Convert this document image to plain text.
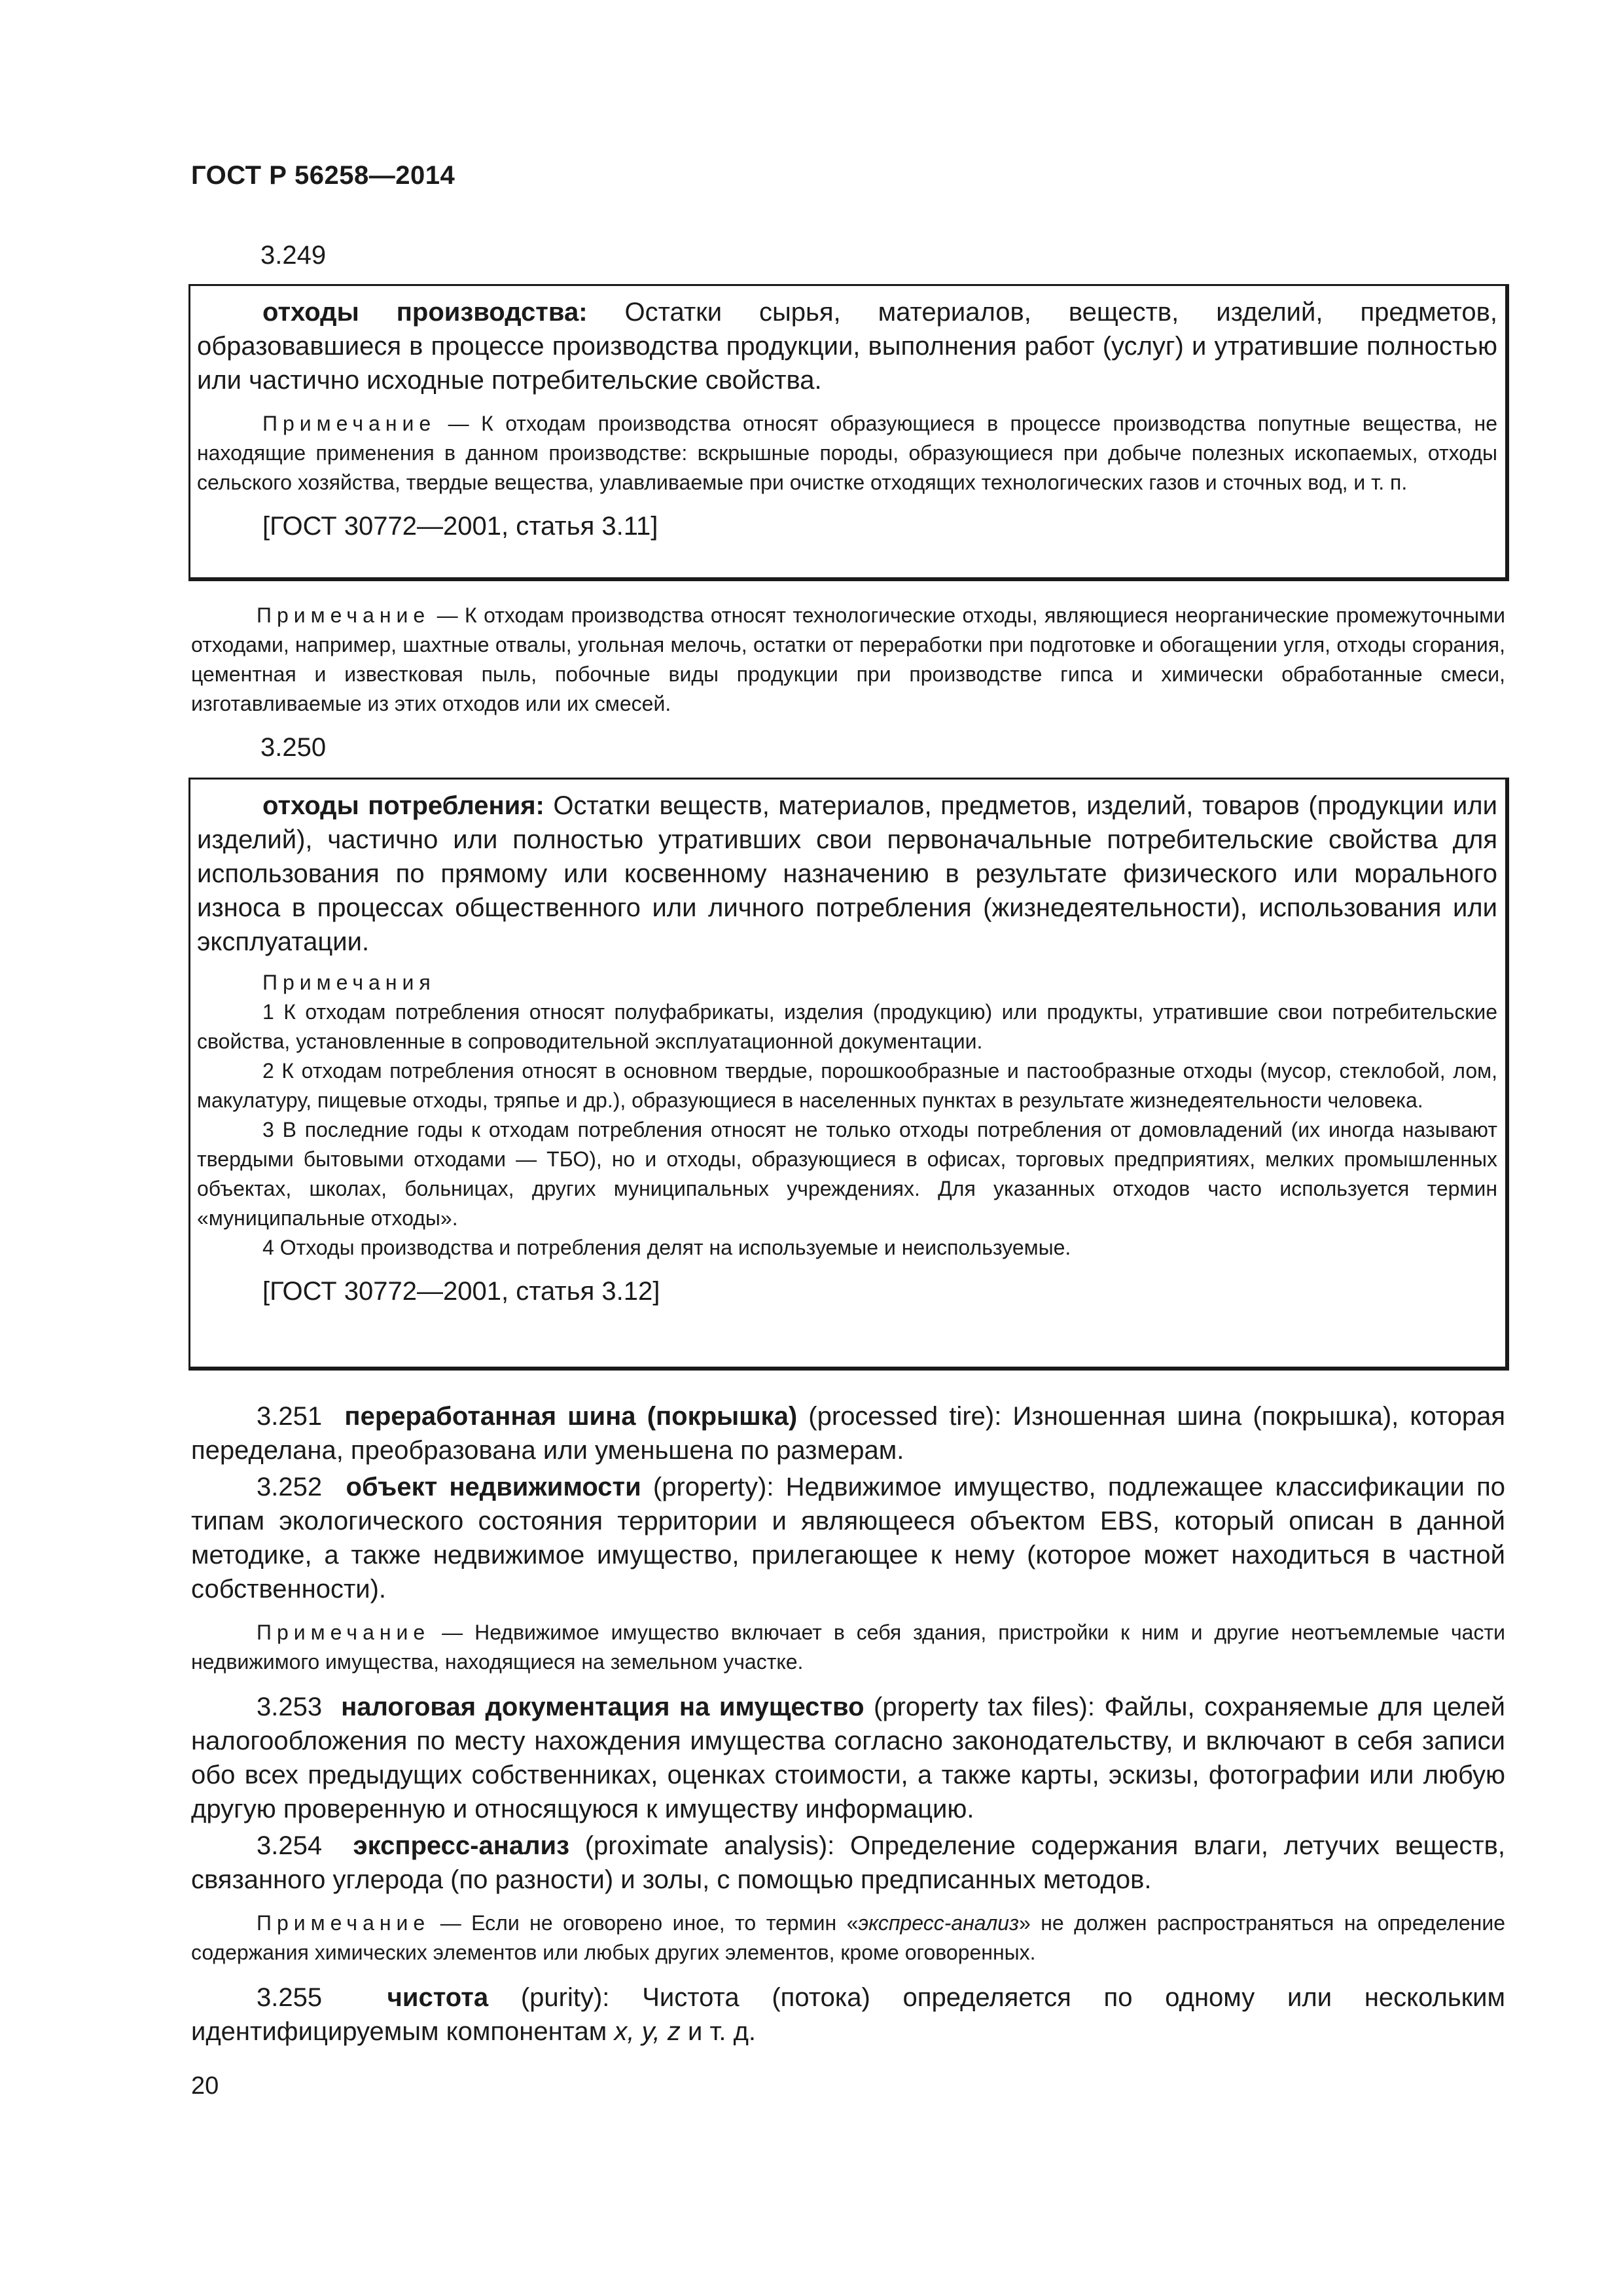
ГОСТ Р 56258—2014
3.249

отходы производства: Остатки сырья, материалов, веществ, изделий, предметов, образовавшиеся в процессе производства продукции, выполнения работ (услуг) и утратившие полностью или частично исходные потребительские свойства.

Примечание — К отходам производства относят образующиеся в процессе производства попутные вещества, не находящие применения в данном производстве: вскрышные породы, образующиеся при добыче полезных ископаемых, отходы сельского хозяйства, твердые вещества, улавливаемые при очистке отходящих технологических газов и сточных вод, и т. п.

[ГОСТ 30772—2001, статья 3.11]

Примечание — К отходам производства относят технологические отходы, являющиеся неорганические промежуточными отходами, например, шахтные отвалы, угольная мелочь, остатки от переработки при подготовке и обогащении угля, отходы сгорания, цементная и известковая пыль, побочные виды продукции при производстве гипса и химически обработанные смеси, изготавливаемые из этих отходов или их смесей.

3.250

отходы потребления: Остатки веществ, материалов, предметов, изделий, товаров (продукции или изделий), частично или полностью утративших свои первоначальные потребительские свойства для использования по прямому или косвенному назначению в результате физического или морального износа в процессах общественного или личного потребления (жизнедеятельности), использования или эксплуатации.

Примечания

1 К отходам потребления относят полуфабрикаты, изделия (продукцию) или продукты, утратившие свои потребительские свойства, установленные в сопроводительной эксплуатационной документации.

2 К отходам потребления относят в основном твердые, порошкообразные и пастообразные отходы (мусор, стеклобой, лом, макулатуру, пищевые отходы, тряпье и др.), образующиеся в населенных пунктах в результате жизнедеятельности человека.

3 В последние годы к отходам потребления относят не только отходы потребления от домовладений (их иногда называют твердыми бытовыми отходами — ТБО), но и отходы, образующиеся в офисах, торговых предприятиях, мелких промышленных объектах, школах, больницах, других муниципальных учреждениях. Для указанных отходов часто используется термин «муниципальные отходы».

4 Отходы производства и потребления делят на используемые и неиспользуемые.

[ГОСТ 30772—2001, статья 3.12]

3.251 переработанная шина (покрышка) (processed tire): Изношенная шина (покрышка), которая переделана, преобразована или уменьшена по размерам.

3.252 объект недвижимости (property): Недвижимое имущество, подлежащее классификации по типам экологического состояния территории и являющееся объектом EBS, который описан в данной методике, а также недвижимое имущество, прилегающее к нему (которое может находиться в частной собственности).

Примечание — Недвижимое имущество включает в себя здания, пристройки к ним и другие неотъемлемые части недвижимого имущества, находящиеся на земельном участке.

3.253 налоговая документация на имущество (property tax files): Файлы, сохраняемые для целей налогообложения по месту нахождения имущества согласно законодательству, и включают в себя записи обо всех предыдущих собственниках, оценках стоимости, а также карты, эскизы, фотографии или любую другую проверенную и относящуюся к имуществу информацию.

3.254 экспресс-анализ (proximate analysis): Определение содержания влаги, летучих веществ, связанного углерода (по разности) и золы, с помощью предписанных методов.

Примечание — Если не оговорено иное, то термин «экспресс-анализ» не должен распространяться на определение содержания химических элементов или любых других элементов, кроме оговоренных.

3.255 чистота (purity): Чистота (потока) определяется по одному или нескольким идентифицируемым компонентам x, y, z и т. д.

20
